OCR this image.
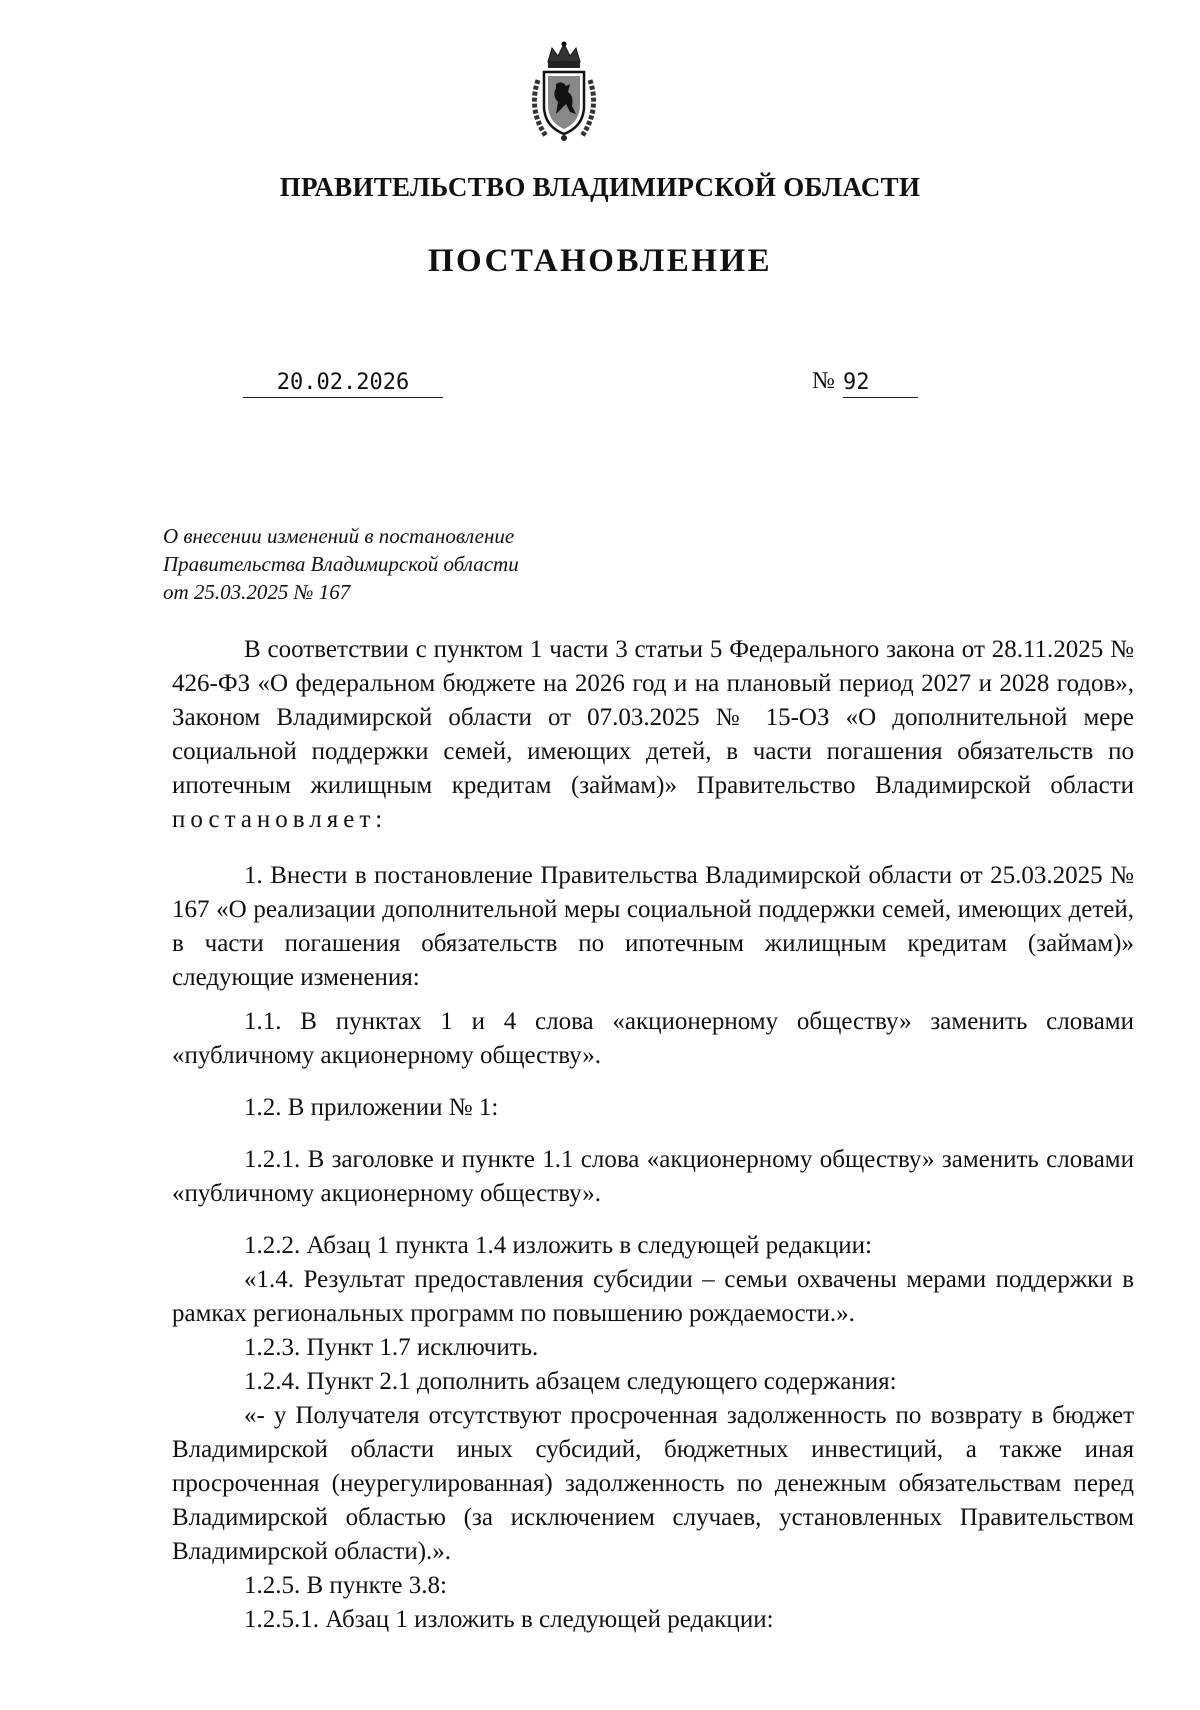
ПРАВИТЕЛЬСТВО ВЛАДИМИРСКОЙ ОБЛАСТИ
ПОСТАНОВЛЕНИЕ
20.02.2026	№ 92
О внесении изменений в постановление
Правительства Владимирской области
от 25.03.2025 № 167

В соответствии с пунктом 1 части 3 статьи 5 Федерального закона от 28.11.2025 № 426-ФЗ «О федеральном бюджете на 2026 год и на плановый период 2027 и 2028 годов», Законом Владимирской области от 07.03.2025 № 15-ОЗ «О дополнительной мере социальной поддержки семей, имеющих детей, в части погашения обязательств по ипотечным жилищным кредитам (займам)» Правительство Владимирской области постановляет:

1. Внести в постановление Правительства Владимирской области от 25.03.2025 № 167 «О реализации дополнительной меры социальной поддержки семей, имеющих детей, в части погашения обязательств по ипотечным жилищным кредитам (займам)» следующие изменения:

1.1. В пунктах 1 и 4 слова «акционерному обществу» заменить словами «публичному акционерному обществу».

1.2. В приложении № 1:

1.2.1. В заголовке и пункте 1.1 слова «акционерному обществу» заменить словами «публичному акционерному обществу».

1.2.2. Абзац 1 пункта 1.4 изложить в следующей редакции:

«1.4. Результат предоставления субсидии – семьи охвачены мерами поддержки в рамках региональных программ по повышению рождаемости.».

1.2.3. Пункт 1.7 исключить.

1.2.4. Пункт 2.1 дополнить абзацем следующего содержания:

«- у Получателя отсутствуют просроченная задолженность по возврату в бюджет Владимирской области иных субсидий, бюджетных инвестиций, а также иная просроченная (неурегулированная) задолженность по денежным обязательствам перед Владимирской областью (за исключением случаев, установленных Правительством Владимирской области).».

1.2.5. В пункте 3.8:

1.2.5.1. Абзац 1 изложить в следующей редакции:
